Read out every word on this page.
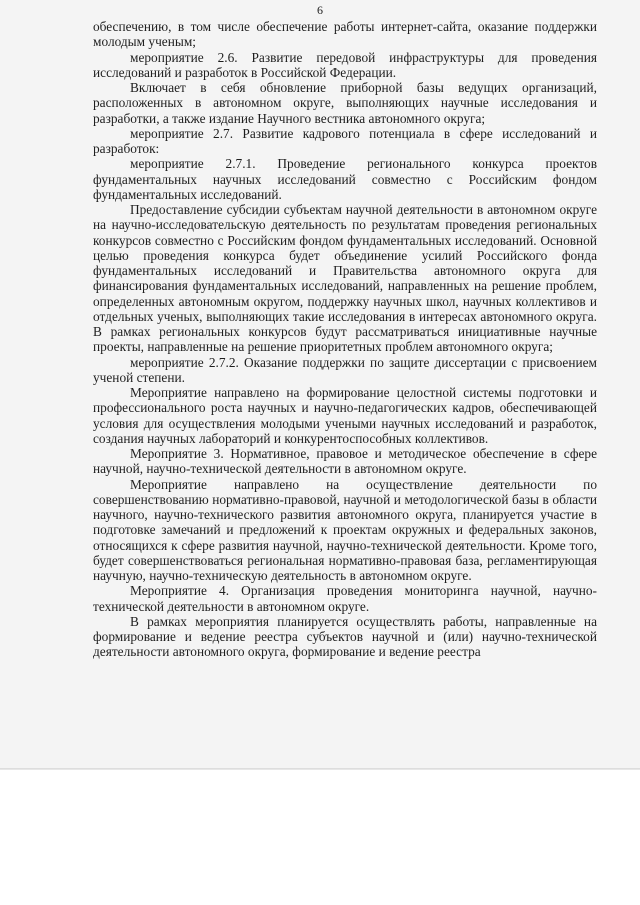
6

обеспечению, в том числе обеспечение работы интернет-сайта, оказание поддержки молодым ученым;

мероприятие 2.6. Развитие передовой инфраструктуры для проведения исследований и разработок в Российской Федерации.

Включает в себя обновление приборной базы ведущих организаций, расположенных в автономном округе, выполняющих научные исследования и разработки, а также издание Научного вестника автономного округа;

мероприятие 2.7. Развитие кадрового потенциала в сфере исследований и разработок:

мероприятие 2.7.1. Проведение регионального конкурса проектов фундаментальных научных исследований совместно с Российским фондом фундаментальных исследований.

Предоставление субсидии субъектам научной деятельности в автономном округе на научно-исследовательскую деятельность по результатам проведения региональных конкурсов совместно с Российским фондом фундаментальных исследований. Основной целью проведения конкурса будет объединение усилий Российского фонда фундаментальных исследований и Правительства автономного округа для финансирования фундаментальных исследований, направленных на решение проблем, определенных автономным округом, поддержку научных школ, научных коллективов и отдельных ученых, выполняющих такие исследования в интересах автономного округа. В рамках региональных конкурсов будут рассматриваться инициативные научные проекты, направленные на решение приоритетных проблем автономного округа;

мероприятие 2.7.2. Оказание поддержки по защите диссертации с присвоением ученой степени.

Мероприятие направлено на формирование целостной системы подготовки и профессионального роста научных и научно-педагогических кадров, обеспечивающей условия для осуществления молодыми учеными научных исследований и разработок, создания научных лабораторий и конкурентоспособных коллективов.

Мероприятие 3. Нормативное, правовое и методическое обеспечение в сфере научной, научно-технической деятельности в автономном округе.

Мероприятие направлено на осуществление деятельности по совершенствованию нормативно-правовой, научной и методологической базы в области научного, научно-технического развития автономного округа, планируется участие в подготовке замечаний и предложений к проектам окружных и федеральных законов, относящихся к сфере развития научной, научно-технической деятельности. Кроме того, будет совершенствоваться региональная нормативно-правовая база, регламентирующая научную, научно-техническую деятельность в автономном округе.

Мероприятие 4. Организация проведения мониторинга научной, научно-технической деятельности в автономном округе.

В рамках мероприятия планируется осуществлять работы, направленные на формирование и ведение реестра субъектов научной и (или) научно-технической деятельности автономного округа, формирование и ведение реестра
